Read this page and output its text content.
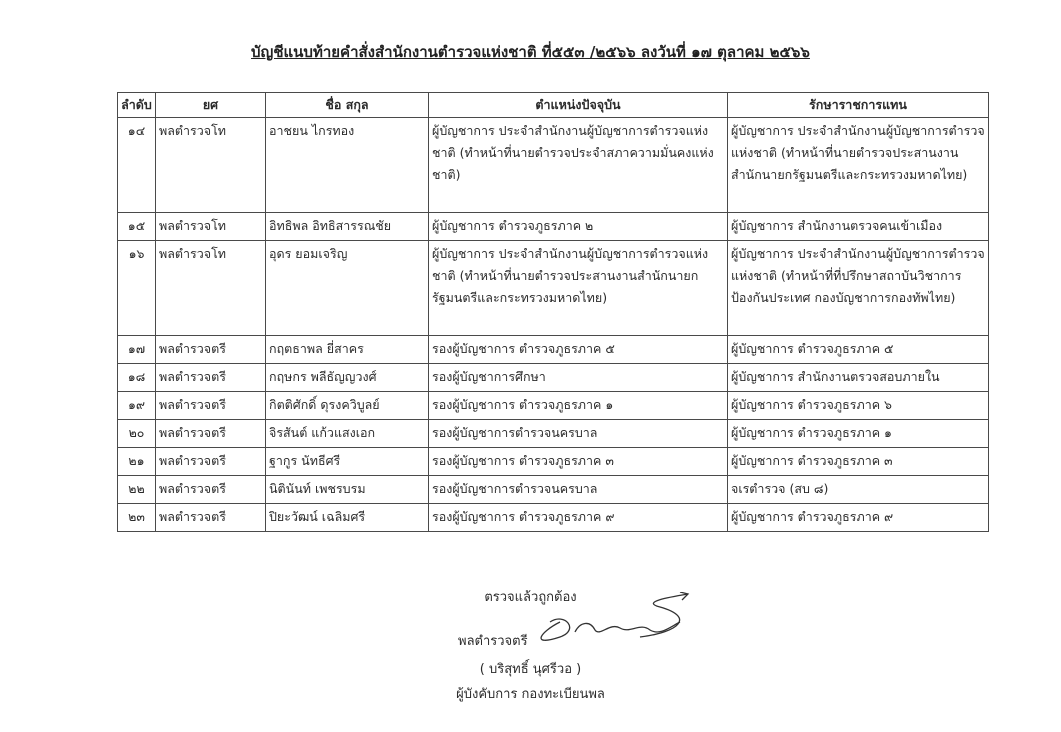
บัญชีแนบท้ายคำสั่งสำนักงานตำรวจแห่งชาติ ที่๕๕๓ /๒๕๖๖ ลงวันที่ ๑๗ ตุลาคม ๒๕๖๖
ลำดับ	ยศ	ชื่อ สกุล	ตำแหน่งปัจจุบัน	รักษาราชการแทน
๑๔	พลตำรวจโท	อาชยน ไกรทอง	ผู้บัญชาการ ประจำสำนักงานผู้บัญชาการตำรวจแห่งชาติ (ทำหน้าที่นายตำรวจประจำสภาความมั่นคงแห่งชาติ)	ผู้บัญชาการ ประจำสำนักงานผู้บัญชาการตำรวจแห่งชาติ (ทำหน้าที่นายตำรวจประสานงานสำนักนายกรัฐมนตรีและกระทรวงมหาดไทย)
๑๕	พลตำรวจโท	อิทธิพล อิทธิสารรณชัย	ผู้บัญชาการ ตำรวจภูธรภาค ๒	ผู้บัญชาการ สำนักงานตรวจคนเข้าเมือง
๑๖	พลตำรวจโท	อุดร ยอมเจริญ	ผู้บัญชาการ ประจำสำนักงานผู้บัญชาการตำรวจแห่งชาติ (ทำหน้าที่นายตำรวจประสานงานสำนักนายกรัฐมนตรีและกระทรวงมหาดไทย)	ผู้บัญชาการ ประจำสำนักงานผู้บัญชาการตำรวจแห่งชาติ (ทำหน้าที่ที่ปรึกษาสถาบันวิชาการป้องกันประเทศ กองบัญชาการกองทัพไทย)
๑๗	พลตำรวจตรี	กฤตธาพล ยี่สาคร	รองผู้บัญชาการ ตำรวจภูธรภาค ๕	ผู้บัญชาการ ตำรวจภูธรภาค ๕
๑๘	พลตำรวจตรี	กฤษกร พลีธัญญวงศ์	รองผู้บัญชาการศึกษา	ผู้บัญชาการ สำนักงานตรวจสอบภายใน
๑๙	พลตำรวจตรี	กิตติศักดิ์ ดุรงควิบูลย์	รองผู้บัญชาการ ตำรวจภูธรภาค ๑	ผู้บัญชาการ ตำรวจภูธรภาค ๖
๒๐	พลตำรวจตรี	จิรสันต์ แก้วแสงเอก	รองผู้บัญชาการตำรวจนครบาล	ผู้บัญชาการ ตำรวจภูธรภาค ๑
๒๑	พลตำรวจตรี	ฐากูร นัทธีศรี	รองผู้บัญชาการ ตำรวจภูธรภาค ๓	ผู้บัญชาการ ตำรวจภูธรภาค ๓
๒๒	พลตำรวจตรี	นิตินันท์ เพชรบรม	รองผู้บัญชาการตำรวจนครบาล	จเรตำรวจ (สบ ๘)
๒๓	พลตำรวจตรี	ปิยะวัฒน์ เฉลิมศรี	รองผู้บัญชาการ ตำรวจภูธรภาค ๙	ผู้บัญชาการ ตำรวจภูธรภาค ๙
ตรวจแล้วถูกต้อง
พลตำรวจตรี
( บริสุทธิ์ นุศรีวอ )
ผู้บังคับการ กองทะเบียนพล
